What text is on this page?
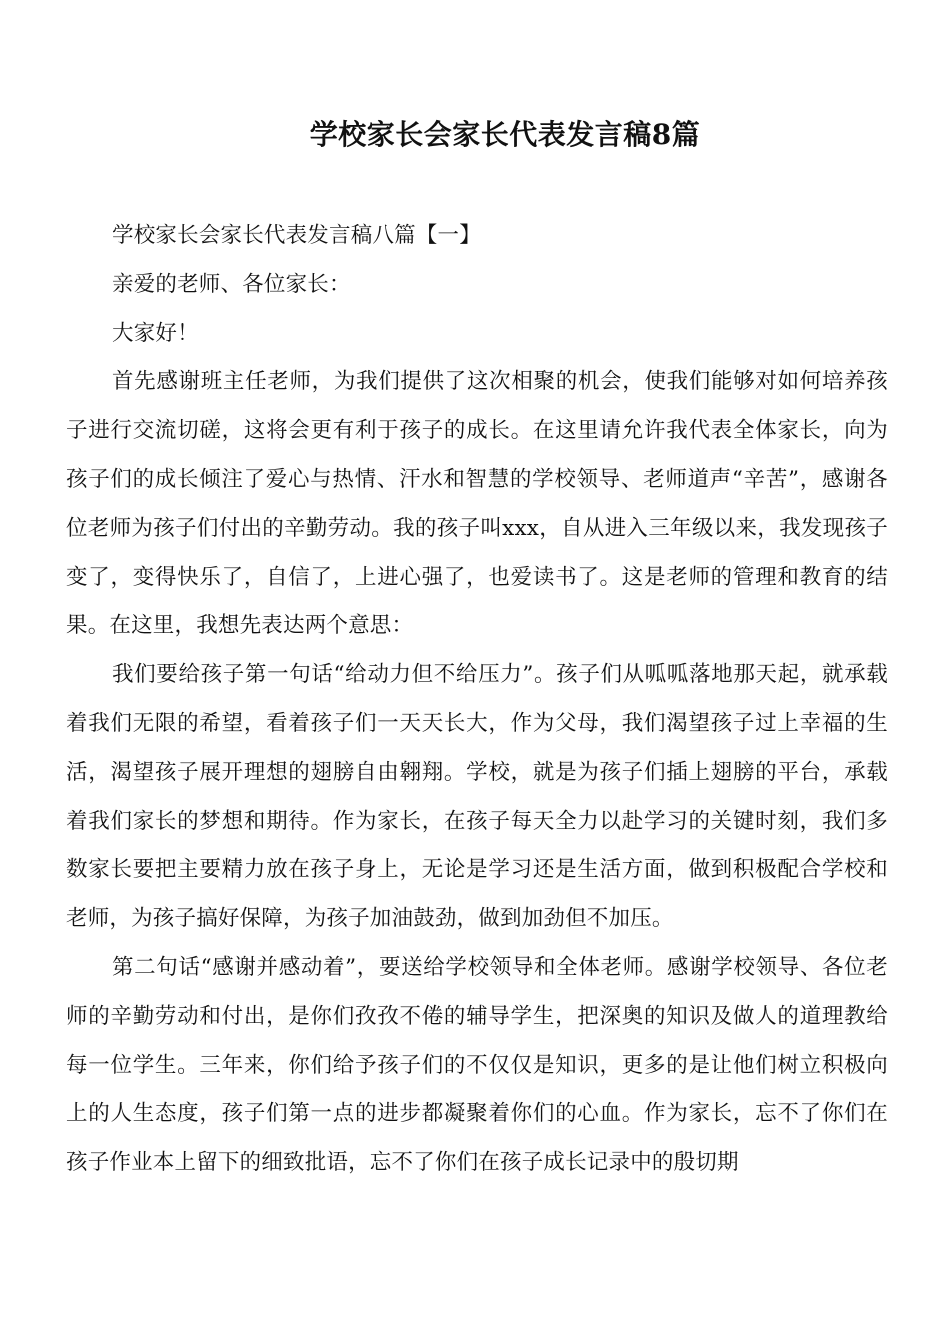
学校家长会家长代表发言稿8篇

学校家长会家长代表发言稿八篇【一】

亲爱的老师、各位家长：

大家好！

首先感谢班主任老师，为我们提供了这次相聚的机会，使我们能够对如何培养孩子进行交流切磋，这将会更有利于孩子的成长。在这里请允许我代表全体家长，向为孩子们的成长倾注了爱心与热情、汗水和智慧的学校领导、老师道声“辛苦”，感谢各位老师为孩子们付出的辛勤劳动。我的孩子叫xxx，自从进入三年级以来，我发现孩子变了，变得快乐了，自信了，上进心强了，也爱读书了。这是老师的管理和教育的结果。在这里，我想先表达两个意思：

我们要给孩子第一句话“给动力但不给压力”。孩子们从呱呱落地那天起，就承载着我们无限的希望，看着孩子们一天天长大，作为父母，我们渴望孩子过上幸福的生活，渴望孩子展开理想的翅膀自由翱翔。学校，就是为孩子们插上翅膀的平台，承载着我们家长的梦想和期待。作为家长，在孩子每天全力以赴学习的关键时刻，我们多数家长要把主要精力放在孩子身上，无论是学习还是生活方面，做到积极配合学校和老师，为孩子搞好保障，为孩子加油鼓劲，做到加劲但不加压。

第二句话“感谢并感动着”，要送给学校领导和全体老师。感谢学校领导、各位老师的辛勤劳动和付出，是你们孜孜不倦的辅导学生，把深奥的知识及做人的道理教给每一位学生。三年来，你们给予孩子们的不仅仅是知识，更多的是让他们树立积极向上的人生态度，孩子们第一点的进步都凝聚着你们的心血。作为家长，忘不了你们在孩子作业本上留下的细致批语，忘不了你们在孩子成长记录中的殷切期
